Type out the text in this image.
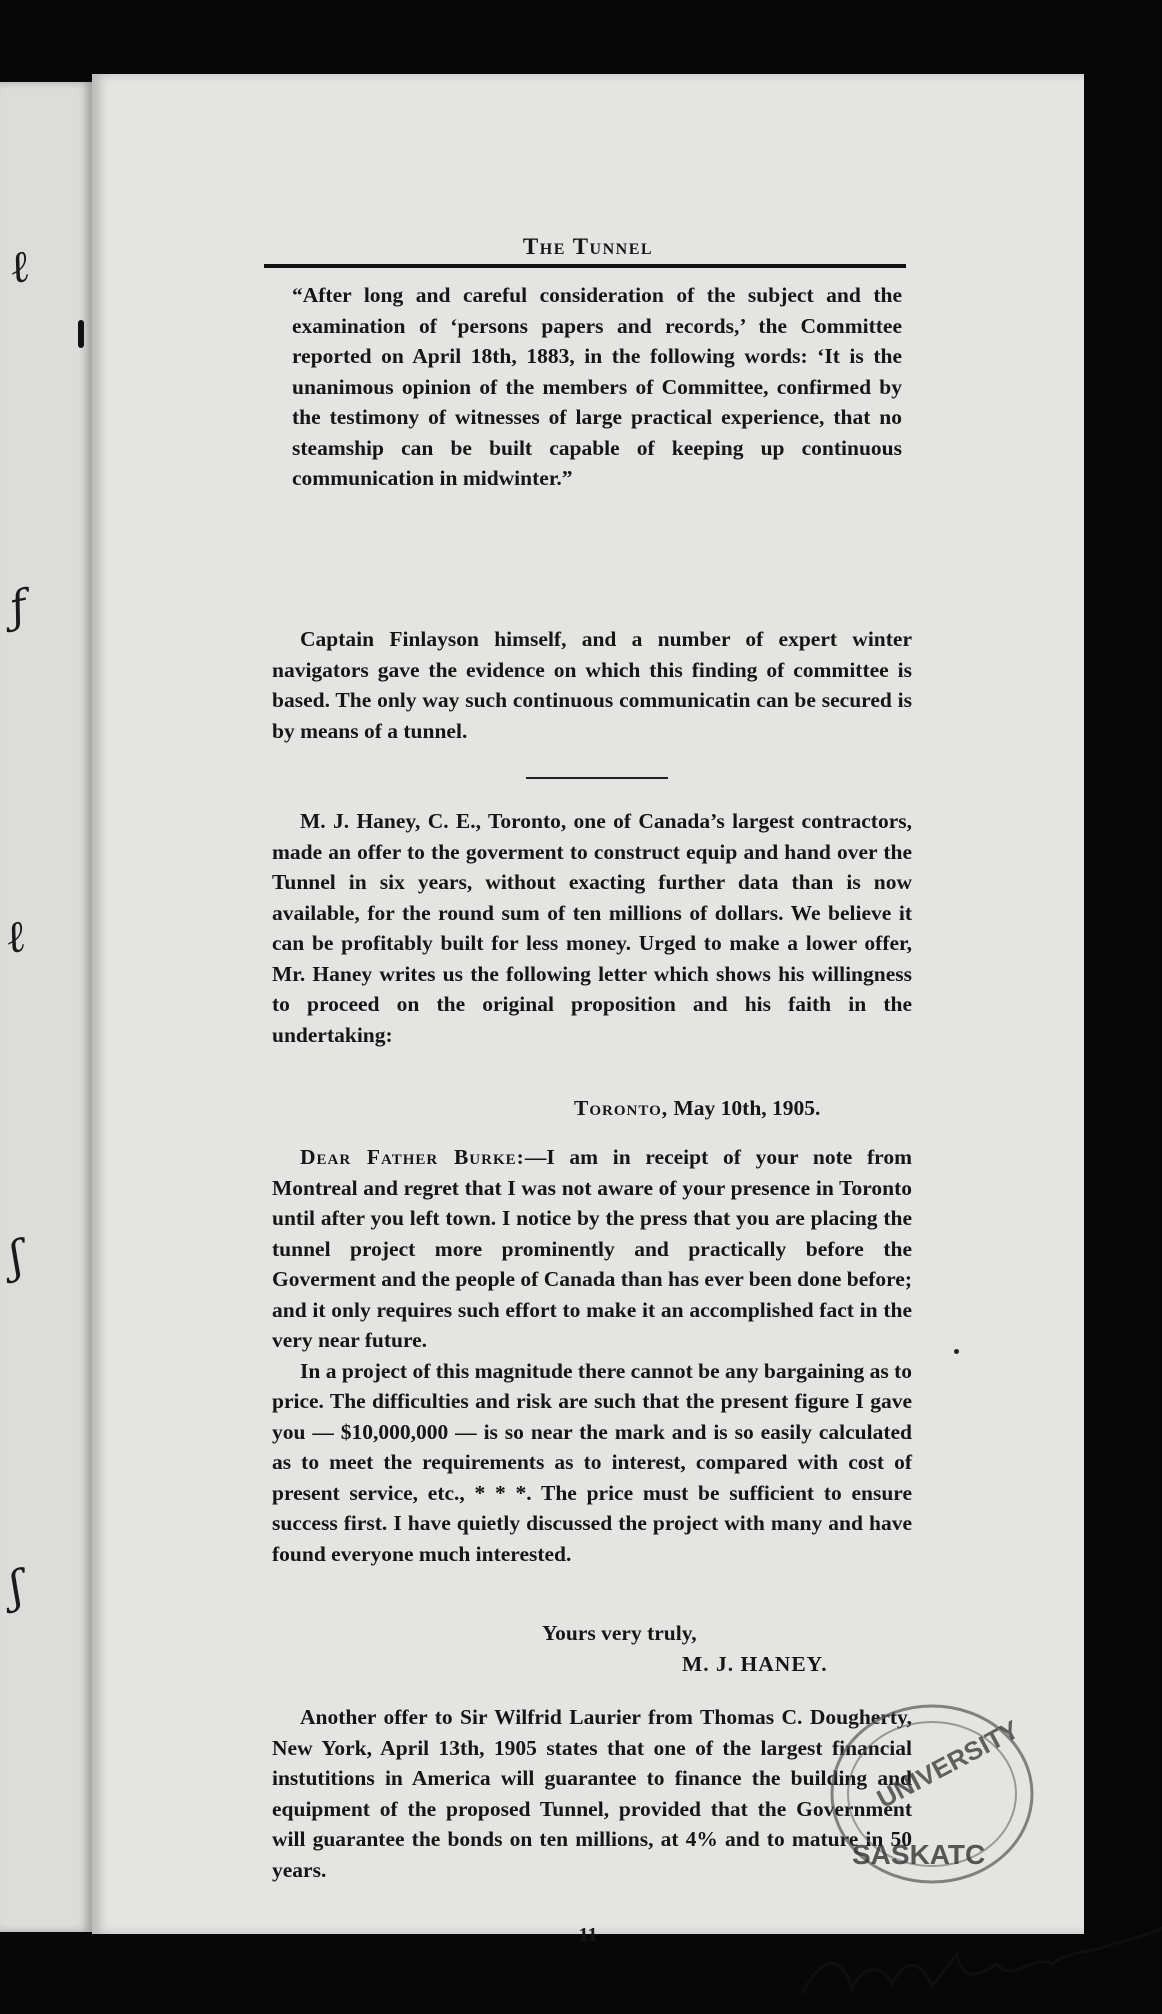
ℓ
ƒ
ℓ
ʃ
ʃ
The Tunnel

“After long and careful consideration of the subject and the examination of ‘persons papers and records,’ the Committee reported on April 18th, 1883, in the following words: ‘It is the unanimous opinion of the members of Committee, confirmed by the testimony of witnesses of large practical experience, that no steamship can be built capable of keeping up continuous communication in midwinter.”

Captain Finlayson himself, and a number of expert winter navigators gave the evidence on which this finding of committee is based. The only way such continuous communicatin can be secured is by means of a tunnel.

M. J. Haney, C. E., Toronto, one of Canada’s largest contractors, made an offer to the goverment to construct equip and hand over the Tunnel in six years, without exacting further data than is now available, for the round sum of ten millions of dollars. We believe it can be profitably built for less money. Urged to make a lower offer, Mr. Haney writes us the following letter which shows his willingness to proceed on the original proposition and his faith in the undertaking:

Toronto, May 10th, 1905.

Dear Father Burke:—I am in receipt of your note from Montreal and regret that I was not aware of your presence in Toronto until after you left town. I notice by the press that you are placing the tunnel project more prominently and practically before the Goverment and the people of Canada than has ever been done before; and it only requires such effort to make it an accomplished fact in the very near future.

In a project of this magnitude there cannot be any bargaining as to price. The difficulties and risk are such that the present figure I gave you — $10,000,000 — is so near the mark and is so easily calculated as to meet the requirements as to interest, compared with cost of present service, etc., * * *. The price must be sufficient to ensure success first. I have quietly discussed the project with many and have found everyone much interested.

Yours very truly,
M. J. HANEY.

Another offer to Sir Wilfrid Laurier from Thomas C. Dougherty, New York, April 13th, 1905 states that one of the largest financial instutitions in America will guarantee to finance the building and equipment of the proposed Tunnel, provided that the Government will guarantee the bonds on ten millions, at 4% and to mature in 50 years.

11
UNIVERSITY
SASKATC
